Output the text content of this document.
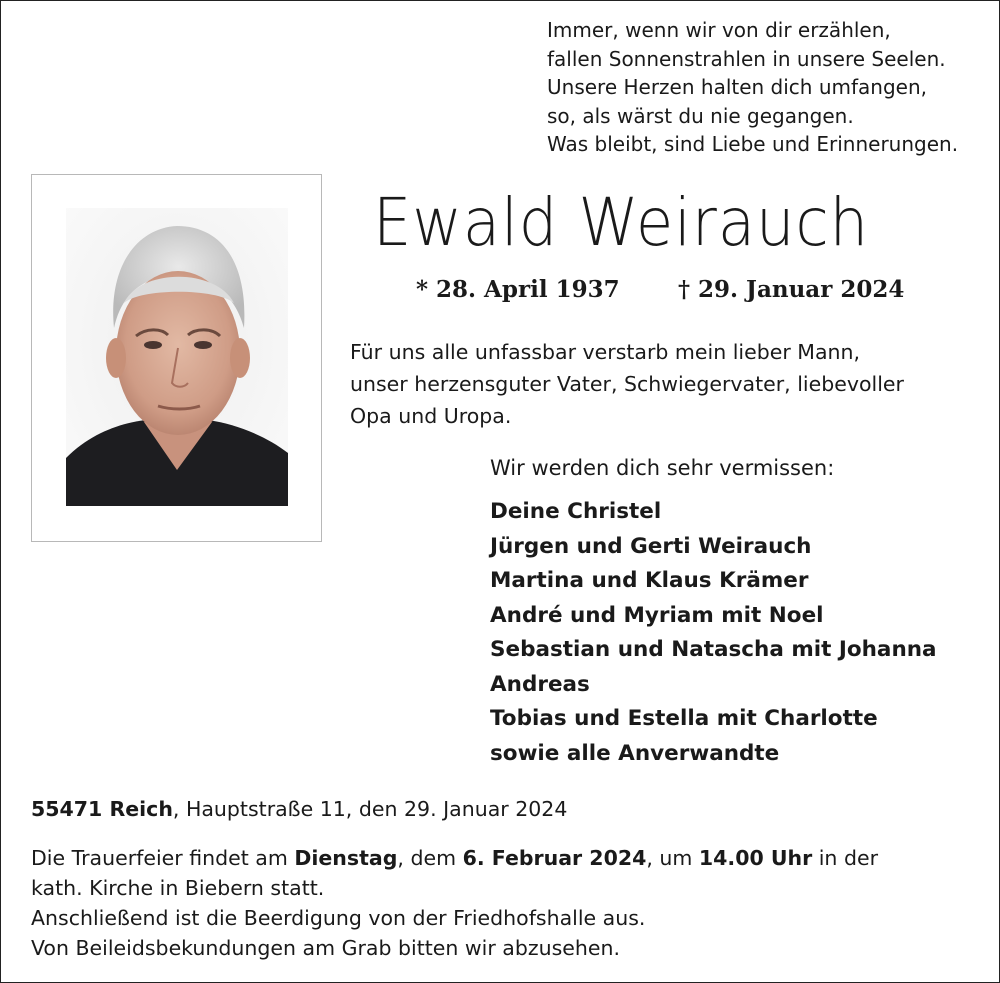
Immer, wenn wir von dir erzählen,
fallen Sonnenstrahlen in unsere Seelen.
Unsere Herzen halten dich umfangen,
so, als wärst du nie gegangen.
Was bleibt, sind Liebe und Erinnerungen.
Ewald Weirauch
* 28. April 1937	† 29. Januar 2024
Für uns alle unfassbar verstarb mein lieber Mann,
unser herzensguter Vater, Schwiegervater, liebevoller
Opa und Uropa.
Wir werden dich sehr vermissen:
Deine Christel
Jürgen und Gerti Weirauch
Martina und Klaus Krämer
André und Myriam mit Noel
Sebastian und Natascha mit Johanna
Andreas
Tobias und Estella mit Charlotte
sowie alle Anverwandte
55471 Reich, Hauptstraße 11, den 29. Januar 2024
Die Trauerfeier findet am Dienstag, dem 6. Februar 2024, um 14.00 Uhr in der
kath. Kirche in Biebern statt.
Anschließend ist die Beerdigung von der Friedhofshalle aus.
Von Beileidsbekundungen am Grab bitten wir abzusehen.
